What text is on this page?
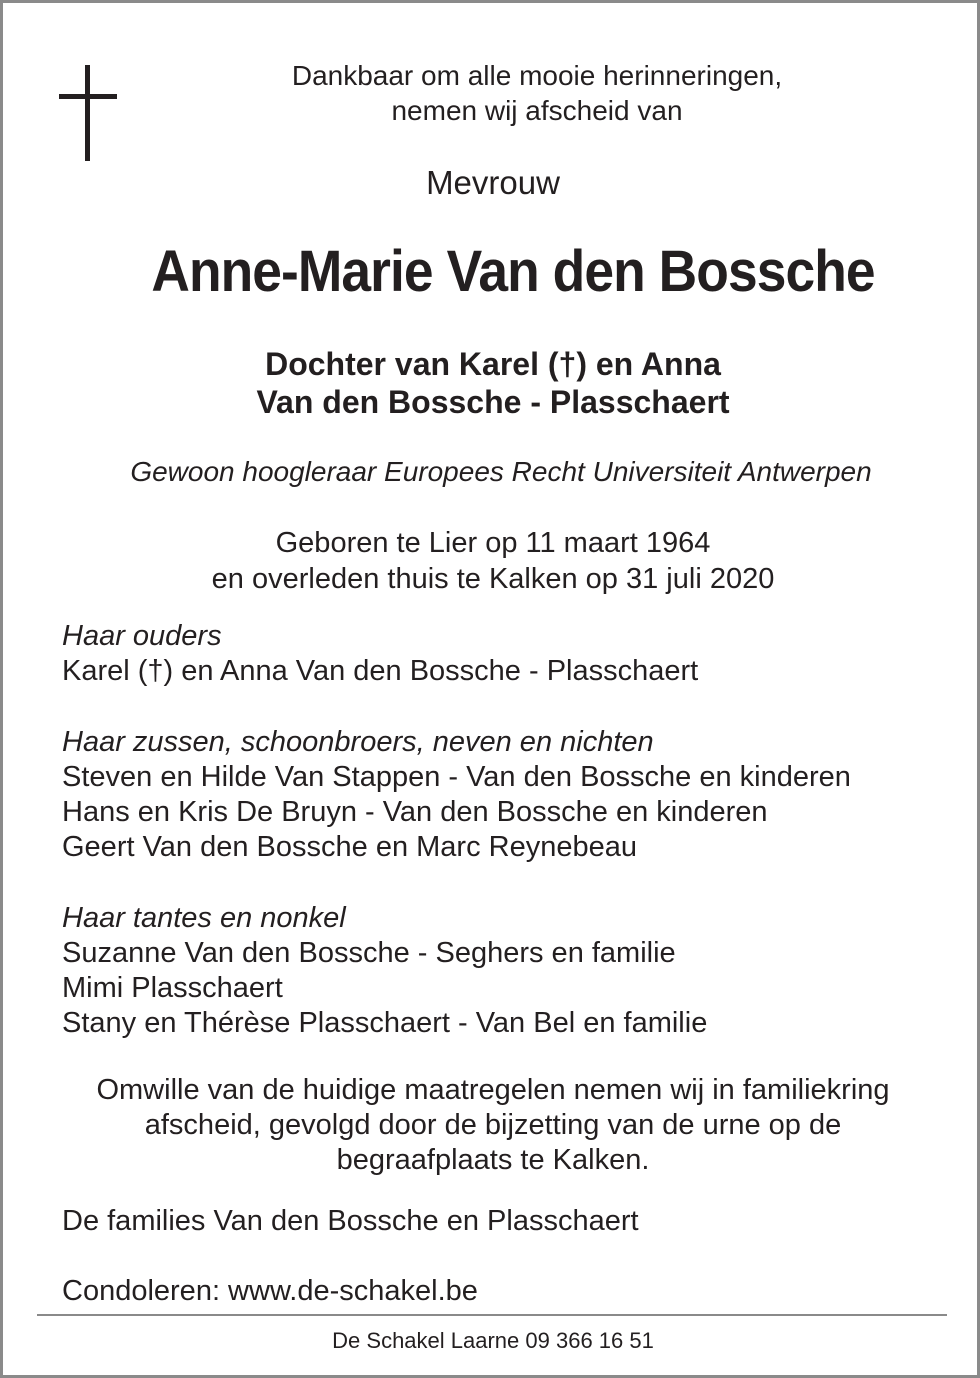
Dankbaar om alle mooie herinneringen,
nemen wij afscheid van
Mevrouw
Anne-Marie Van den Bossche
Dochter van Karel (†) en Anna
Van den Bossche - Plasschaert
Gewoon hoogleraar Europees Recht Universiteit Antwerpen
Geboren te Lier op 11 maart 1964
en overleden thuis te Kalken op 31 juli 2020
Haar ouders
Karel (†) en Anna Van den Bossche - Plasschaert
Haar zussen, schoonbroers, neven en nichten
Steven en Hilde Van Stappen - Van den Bossche en kinderen
Hans en Kris De Bruyn - Van den Bossche en kinderen
Geert Van den Bossche en Marc Reynebeau
Haar tantes en nonkel
Suzanne Van den Bossche - Seghers en familie
Mimi Plasschaert
Stany en Thérèse Plasschaert - Van Bel en familie
Omwille van de huidige maatregelen nemen wij in familiekring
afscheid, gevolgd door de bijzetting van de urne op de
begraafplaats te Kalken.
De families Van den Bossche en Plasschaert
Condoleren: www.de-schakel.be
De Schakel Laarne 09 366 16 51
